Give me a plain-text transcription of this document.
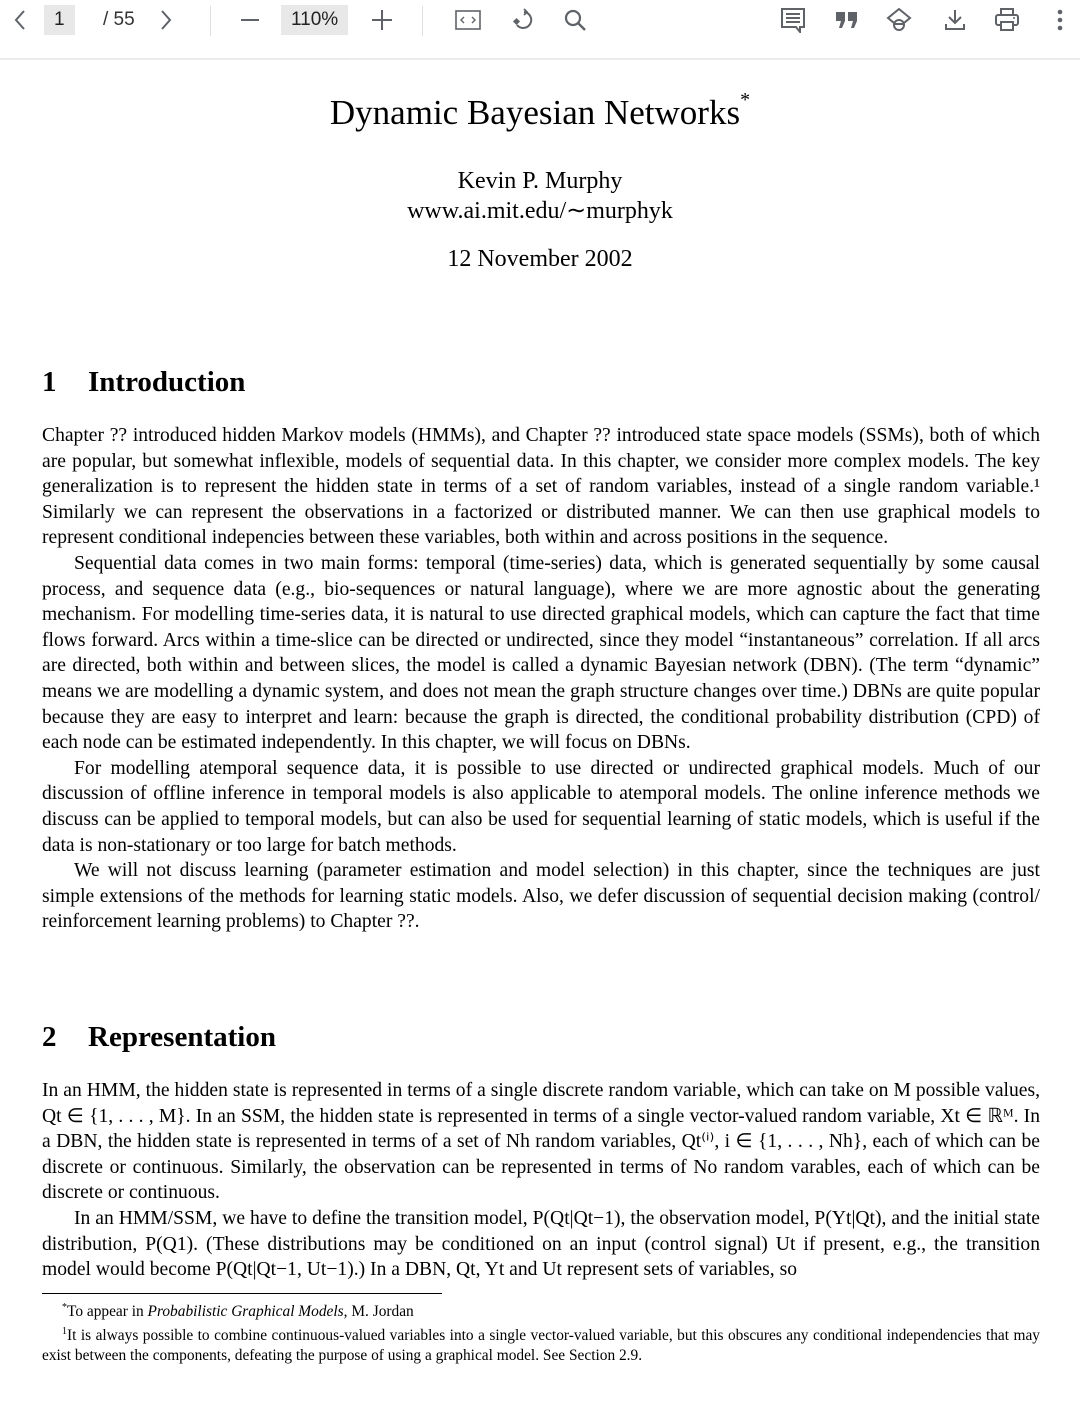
1	/ 55	110%
Dynamic Bayesian Networks*
Kevin P. Murphy
www.ai.mit.edu/∼murphyk
12 November 2002
1 Introduction

Chapter ?? introduced hidden Markov models (HMMs), and Chapter ?? introduced state space models (SSMs), both of which are popular, but somewhat inflexible, models of sequential data. In this chapter, we consider more complex models. The key generalization is to represent the hidden state in terms of a set of random variables, instead of a single random variable.¹ Similarly we can represent the observations in a factorized or distributed manner. We can then use graphical models to represent conditional indepencies between these variables, both within and across positions in the sequence.

Sequential data comes in two main forms: temporal (time-series) data, which is generated sequentially by some causal process, and sequence data (e.g., bio-sequences or natural language), where we are more agnostic about the generating mechanism. For modelling time-series data, it is natural to use directed graphical models, which can capture the fact that time flows forward. Arcs within a time-slice can be directed or undirected, since they model “instantaneous” correlation. If all arcs are directed, both within and between slices, the model is called a dynamic Bayesian network (DBN). (The term “dynamic” means we are modelling a dynamic system, and does not mean the graph structure changes over time.) DBNs are quite popular because they are easy to interpret and learn: because the graph is directed, the conditional probability distribution (CPD) of each node can be estimated independently. In this chapter, we will focus on DBNs.

For modelling atemporal sequence data, it is possible to use directed or undirected graphical models. Much of our discussion of offline inference in temporal models is also applicable to atemporal models. The online inference methods we discuss can be applied to temporal models, but can also be used for sequential learning of static models, which is useful if the data is non-stationary or too large for batch methods.

We will not discuss learning (parameter estimation and model selection) in this chapter, since the techniques are just simple extensions of the methods for learning static models. Also, we defer discussion of sequential decision making (control/ reinforcement learning problems) to Chapter ??.

2 Representation

In an HMM, the hidden state is represented in terms of a single discrete random variable, which can take on M possible values, Qt ∈ {1, . . . , M}. In an SSM, the hidden state is represented in terms of a single vector-valued random variable, Xt ∈ ℝᴹ. In a DBN, the hidden state is represented in terms of a set of Nh random variables, Qt⁽ⁱ⁾, i ∈ {1, . . . , Nh}, each of which can be discrete or continuous. Similarly, the observation can be represented in terms of No random varables, each of which can be discrete or continuous.

In an HMM/SSM, we have to define the transition model, P(Qt|Qt−1), the observation model, P(Yt|Qt), and the initial state distribution, P(Q1). (These distributions may be conditioned on an input (control signal) Ut if present, e.g., the transition model would become P(Qt|Qt−1, Ut−1).) In a DBN, Qt, Yt and Ut represent sets of variables, so

*To appear in Probabilistic Graphical Models, M. Jordan

$^1$It is always possible to combine continuous-valued variables into a single vector-valued variable, but this obscures any conditional independencies that may exist between the components, defeating the purpose of using a graphical model. See Section 2.9.
